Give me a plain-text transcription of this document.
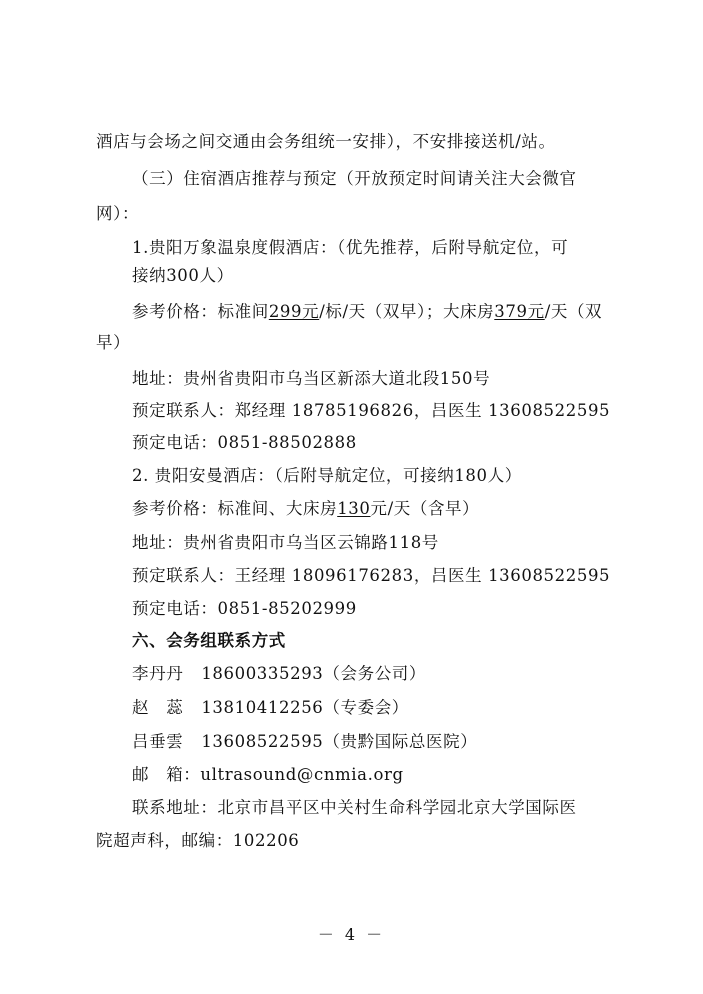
酒店与会场之间交通由会务组统一安排），不安排接送机/站。
（三）住宿酒店推荐与预定（开放预定时间请关注大会微官
网）：
1.贵阳万象温泉度假酒店：（优先推荐，后附导航定位，可
接纳300人）
参考价格：标准间299元/标/天（双早）；大床房379元/天（双
早）
地址：贵州省贵阳市乌当区新添大道北段150号
预定联系人：郑经理 18785196826，吕医生 13608522595
预定电话：0851-88502888
2. 贵阳安曼酒店：（后附导航定位，可接纳180人）
参考价格：标准间、大床房130元/天（含早）
地址：贵州省贵阳市乌当区云锦路118号
预定联系人：王经理 18096176283，吕医生 13608522595
预定电话：0851-85202999
六、会务组联系方式
李丹丹 18600335293（会务公司）
赵　蕊 13810412256（专委会）
吕垂雲 13608522595（贵黔国际总医院）
邮　箱：ultrasound@cnmia.org
联系地址：北京市昌平区中关村生命科学园北京大学国际医
院超声科，邮编：102206
－ 4 －
